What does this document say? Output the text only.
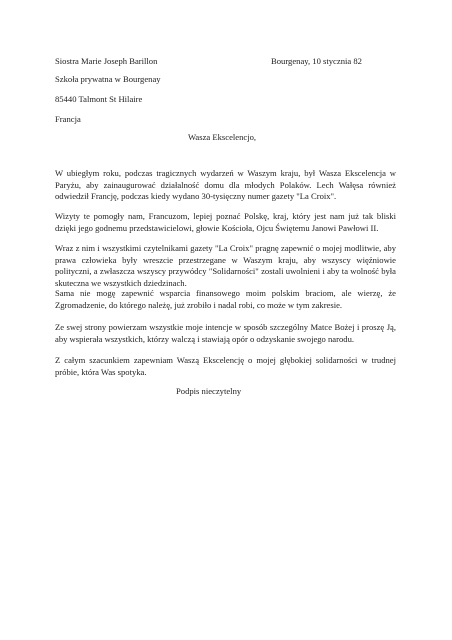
Siostra Marie Joseph Barillon	Bourgenay, 10 stycznia 82
Szkoła prywatna w Bourgenay
85440 Talmont St Hilaire
Francja
Wasza Ekscelencjo,

W ubiegłym roku, podczas tragicznych wydarzeń w Waszym kraju, był Wasza Ekscelencja w Paryżu, aby zainaugurować działalność domu dla młodych Polaków. Lech Wałęsa również odwiedził Francję, podczas kiedy wydano 30-tysięczny numer gazety "La Croix".

Wizyty te pomogły nam, Francuzom, lepiej poznać Polskę, kraj, który jest nam już tak bliski dzięki jego godnemu przedstawicielowi, głowie Kościoła, Ojcu Świętemu Janowi Pawłowi II.

Wraz z nim i wszystkimi czytelnikami gazety "La Croix" pragnę zapewnić o mojej modlitwie, aby prawa człowieka były wreszcie przestrzegane w Waszym kraju, aby wszyscy więźniowie polityczni, a zwłaszcza wszyscy przywódcy "Solidarności" zostali uwolnieni i aby ta wolność była skuteczna we wszystkich dziedzinach.

Sama nie mogę zapewnić wsparcia finansowego moim polskim braciom, ale wierzę, że Zgromadzenie, do którego należę, już zrobiło i nadal robi, co może w tym zakresie.

Ze swej strony powierzam wszystkie moje intencje w sposób szczególny Matce Bożej i proszę Ją, aby wspierała wszystkich, którzy walczą i stawiają opór o odzyskanie swojego narodu.

Z całym szacunkiem zapewniam Waszą Ekscelencję o mojej głębokiej solidarności w trudnej próbie, która Was spotyka.

Podpis nieczytelny
